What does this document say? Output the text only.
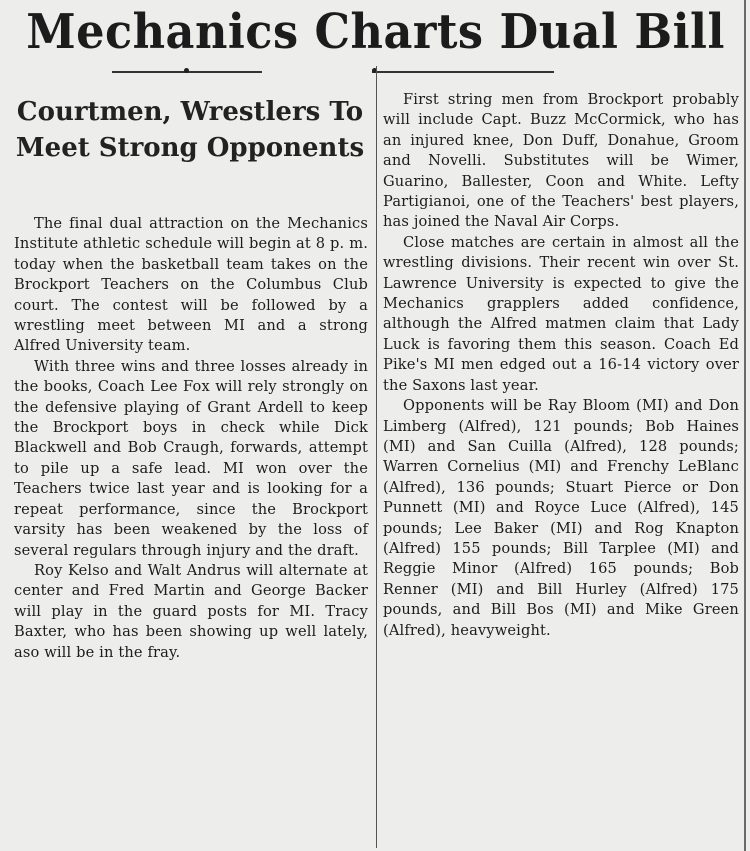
Mechanics Charts Dual Bill
Courtmen, Wrestlers To Meet Strong Opponents

The final dual attraction on the Mechanics Institute athletic schedule will begin at 8 p. m. today when the basketball team takes on the Brockport Teachers on the Columbus Club court. The contest will be followed by a wrestling meet between MI and a strong Alfred University team.

With three wins and three losses already in the books, Coach Lee Fox will rely strongly on the defensive playing of Grant Ardell to keep the Brockport boys in check while Dick Blackwell and Bob Craugh, forwards, attempt to pile up a safe lead. MI won over the Teachers twice last year and is looking for a repeat performance, since the Brockport varsity has been weakened by the loss of several regulars through injury and the draft.

Roy Kelso and Walt Andrus will alternate at center and Fred Martin and George Backer will play in the guard posts for MI. Tracy Baxter, who has been showing up well lately, aso will be in the fray.

First string men from Brockport probably will include Capt. Buzz McCormick, who has an injured knee, Don Duff, Donahue, Groom and Novelli. Substitutes will be Wimer, Guarino, Ballester, Coon and White. Lefty Partigianoi, one of the Teachers' best players, has joined the Naval Air Corps.

Close matches are certain in almost all the wrestling divisions. Their recent win over St. Lawrence University is expected to give the Mechanics grapplers added confidence, although the Alfred matmen claim that Lady Luck is favoring them this season. Coach Ed Pike's MI men edged out a 16-14 victory over the Saxons last year.

Opponents will be Ray Bloom (MI) and Don Limberg (Alfred), 121 pounds; Bob Haines (MI) and San Cuilla (Alfred), 128 pounds; Warren Cornelius (MI) and Frenchy LeBlanc (Alfred), 136 pounds; Stuart Pierce or Don Punnett (MI) and Royce Luce (Alfred), 145 pounds; Lee Baker (MI) and Rog Knapton (Alfred) 155 pounds; Bill Tarplee (MI) and Reggie Minor (Alfred) 165 pounds; Bob Renner (MI) and Bill Hurley (Alfred) 175 pounds, and Bill Bos (MI) and Mike Green (Alfred), heavyweight.
